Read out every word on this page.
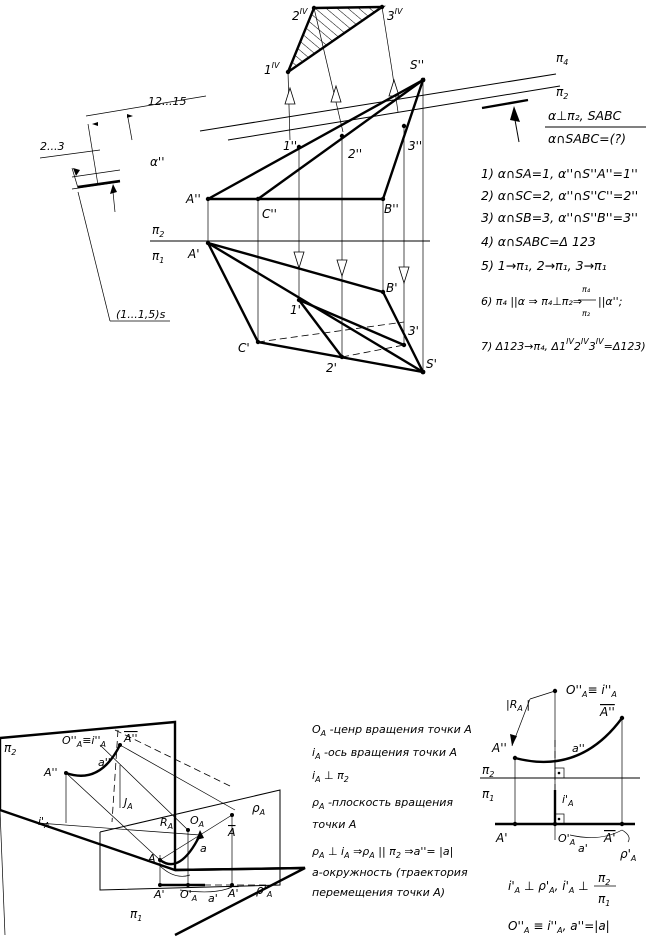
$2^{IV}$	$3^{IV}$
$1^{IV}$	S''	$\pi_4$
$\pi_2$
12...15
2...3
α''
1''
2''
3''
A''
C''	B''
$\pi_2$
$\pi_1$ A'
B'
1'
C'
3'
2'	S'
(1...1,5)s
α⊥π₂, SABC
α∩SABC=(?)
1) α∩SA=1, α''∩S''A''=1''
2) α∩SC=2, α''∩S''C''=2''
3) α∩SB=3, α''∩S''B''=3''
4) α∩SABC=Δ 123
5) 1→π₁, 2→π₁, 3→π₁
6) π₄ ||α ⇒ π₄⊥π₂⇒
π₄
π₂
||α'';
7) Δ123→π₄, $\Delta 1^{IV}2^{IV}3^{IV}=\Delta 123$)
$\pi_2$
$O''_A\equiv i''_A$ A''
A''
a''
$i'_A$
$J_A$
$R_A$ $O_A$
$\rho_A$
a
A
A
A' $O'_A$ a' A' $\rho'_A$
$\pi_1$
$O_A$ -ценр вращения точки A
$i_A$ -ось вращения точки A
$i_A$ ⊥ $\pi_2$
$\rho_A$ -плоскость вращения
точки A
$\rho_A$ ⊥ $i_A$ $\Rightarrow\rho_A$ || $\pi_2$ ⇒a''= |a|
a-окружность (траектория
перемещения точки A)
$|R_A$ |
$O''_A\equiv i''_A$
A''
A''	a''
$\pi_2$
$\pi_1$	$i'_A$
A'	$O'_A$ A'
a'	$\rho'_A$
$i'_A$ ⊥ $\rho'_A$, $i'_A$ ⊥
$\pi_2$
$\pi_1$
$O''_A \equiv i''_A$, a''=|a|
